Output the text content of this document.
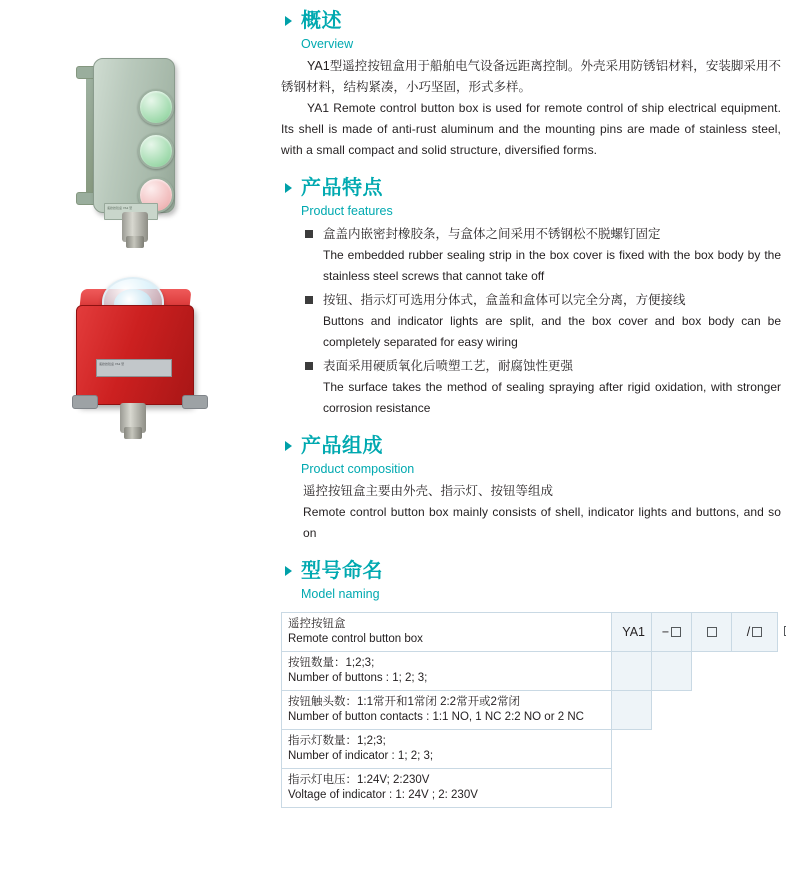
遥控按钮盒 YA1 型
遥控按钮盒 YA1 型
概述
Overview

YA1型遥控按钮盒用于船舶电气设备远距离控制。外壳采用防锈铝材料，安装脚采用不锈钢材料，结构紧凑，小巧坚固，形式多样。

YA1 Remote control button box is used for remote control of ship electrical equipment. Its shell is made of anti-rust aluminum and the mounting pins are made of stainless steel, with a small compact and solid structure, diversified forms.

产品特点
Product features
盒盖内嵌密封橡胶条，与盒体之间采用不锈钢松不脱螺钉固定
The embedded rubber sealing strip in the box cover is fixed with the box body by the stainless steel screws that cannot take off
按钮、指示灯可选用分体式，盒盖和盒体可以完全分离，方便接线
Buttons and indicator lights are split, and the box cover and box body can be completely separated for easy wiring
表面采用硬质氧化后喷塑工艺，耐腐蚀性更强
The surface takes the method of sealing spraying after rigid oxidation, with stronger corrosion resistance
产品组成
Product composition

遥控按钮盒主要由外壳、指示灯、按钮等组成

Remote control button box mainly consists of shell, indicator lights and buttons, and so on

型号命名
Model naming
遥控按钮盒
Remote control button box	YA1	−		/		
按钮数量：1;2;3;
Number of buttons : 1; 2; 3;					

按钮触头数：1:1常开和1常闭 2:2常开或2常闭
Number of button contacts : 1:1 NO, 1 NC 2:2 NO or 2 NC					

指示灯数量：1;2;3;
Number of indicator : 1; 2; 3;					

指示灯电压：1:24V; 2:230V
Voltage of indicator : 1: 24V ; 2: 230V					
